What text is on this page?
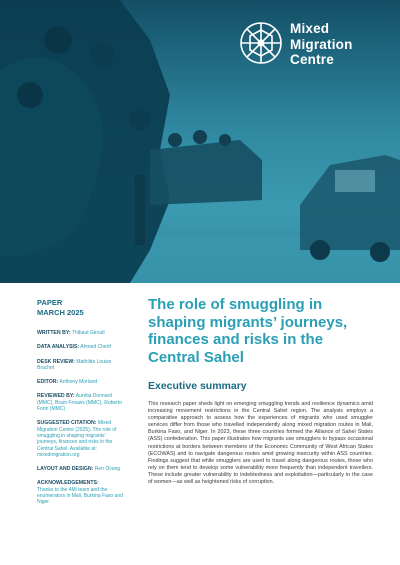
Mixed
Migration
Centre
PAPER
MARCH 2025
WRITTEN BY: Thibaut Giroult
DATA ANALYSIS: Ahmed Cherif
DESK REVIEW: Mathilde Louise Brachet
EDITOR: Anthony Morland
REVIEWED BY: Aurélia Donnard (MMC), Bram Frouws (MMC), Roberto Forin (MMC)
SUGGESTED CITATION: Mixed Migration Centre (2025), The role of smuggling in shaping migrants’ journeys, finances and risks in the Central Sahel. Available at: mixedmigration.org
LAYOUT AND DESIGN: Ren Ovung
ACKNOWLEDGEMENTS:
Thanks to the 4Mi team and the enumerators in Mali, Burkina Faso and Niger.
The role of smuggling in shaping migrants’ journeys, finances and risks in the Central Sahel
Executive summary

This research paper sheds light on emerging smuggling trends and resilience dynamics amid increasing movement restrictions in the Central Sahel region. The analysis employs a comparative approach to assess how the experiences of migrants who used smuggler services differ from those who travelled independently along mixed migration routes in Mali, Burkina Faso, and Niger. In 2023, these three countries formed the Alliance of Sahel States (ASS) confederation. This paper illustrates how migrants use smugglers to bypass occasional restrictions at borders between members of the Economic Community of West African States (ECOWAS) and to navigate dangerous routes amid growing insecurity within ASS countries. Findings suggest that while smugglers are used to travel along dangerous routes, those who rely on them tend to develop some vulnerability more frequently than independent travellers. These include greater vulnerability to indebtedness and exploitation—particularly in the case of women—as well as heightened risks of corruption.
